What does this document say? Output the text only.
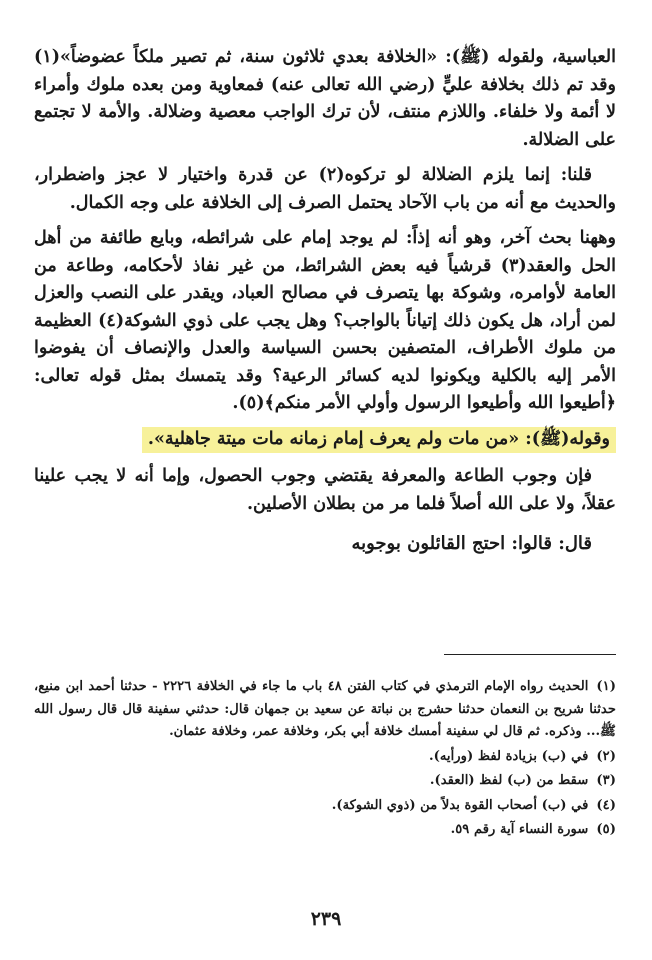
العباسية، ولقوله (ﷺ): «الخلافة بعدي ثلاثون سنة، ثم تصير ملكاً عضوضاً»(١) وقد تم ذلك بخلافة عليٍّ (رضي الله تعالى عنه) فمعاوية ومن بعده ملوك وأمراء لا أئمة ولا خلفاء. واللازم منتف، لأن ترك الواجب معصية وضلالة. والأمة لا تجتمع على الضلالة.

قلنا: إنما يلزم الضلالة لو تركوه(٢) عن قدرة واختيار لا عجز واضطرار، والحديث مع أنه من باب الآحاد يحتمل الصرف إلى الخلافة على وجه الكمال.

وههنا بحث آخر، وهو أنه إذاً: لم يوجد إمام على شرائطه، وبايع طائفة من أهل الحل والعقد(٣) قرشياً فيه بعض الشرائط، من غير نفاذ لأحكامه، وطاعة من العامة لأوامره، وشوكة بها يتصرف في مصالح العباد، ويقدر على النصب والعزل لمن أراد، هل يكون ذلك إتياناً بالواجب؟ وهل يجب على ذوي الشوكة(٤) العظيمة من ملوك الأطراف، المتصفين بحسن السياسة والعدل والإنصاف أن يفوضوا الأمر إليه بالكلية ويكونوا لديه كسائر الرعية؟ وقد يتمسك بمثل قوله تعالى: ﴿أطيعوا الله وأطيعوا الرسول وأولي الأمر منكم﴾(٥).

وقوله(ﷺ): «من مات ولم يعرف إمام زمانه مات ميتة جاهلية».

فإن وجوب الطاعة والمعرفة يقتضي وجوب الحصول، وإما أنه لا يجب علينا عقلاً، ولا على الله أصلاً فلما مر من بطلان الأصلين.

قال: قالوا: احتج القائلون بوجوبه

(١)الحديث رواه الإمام الترمذي في كتاب الفتن ٤٨ باب ما جاء في الخلافة ٢٢٢٦ - حدثنا أحمد ابن منيع، حدثنا شريح بن النعمان حدثنا حشرج بن نباتة عن سعيد بن جمهان قال: حدثني سفينة قال قال رسول الله ﷺ... وذكره. ثم قال لي سفينة أمسك خلافة أبي بكر، وخلافة عمر، وخلافة عثمان.

(٢)في (ب) بزيادة لفظ (ورأيه).

(٣)سقط من (ب) لفظ (العقد).

(٤)في (ب) أصحاب القوة بدلاً من (ذوي الشوكة).

(٥)سورة النساء آية رقم ٥٩.

٢٣٩
